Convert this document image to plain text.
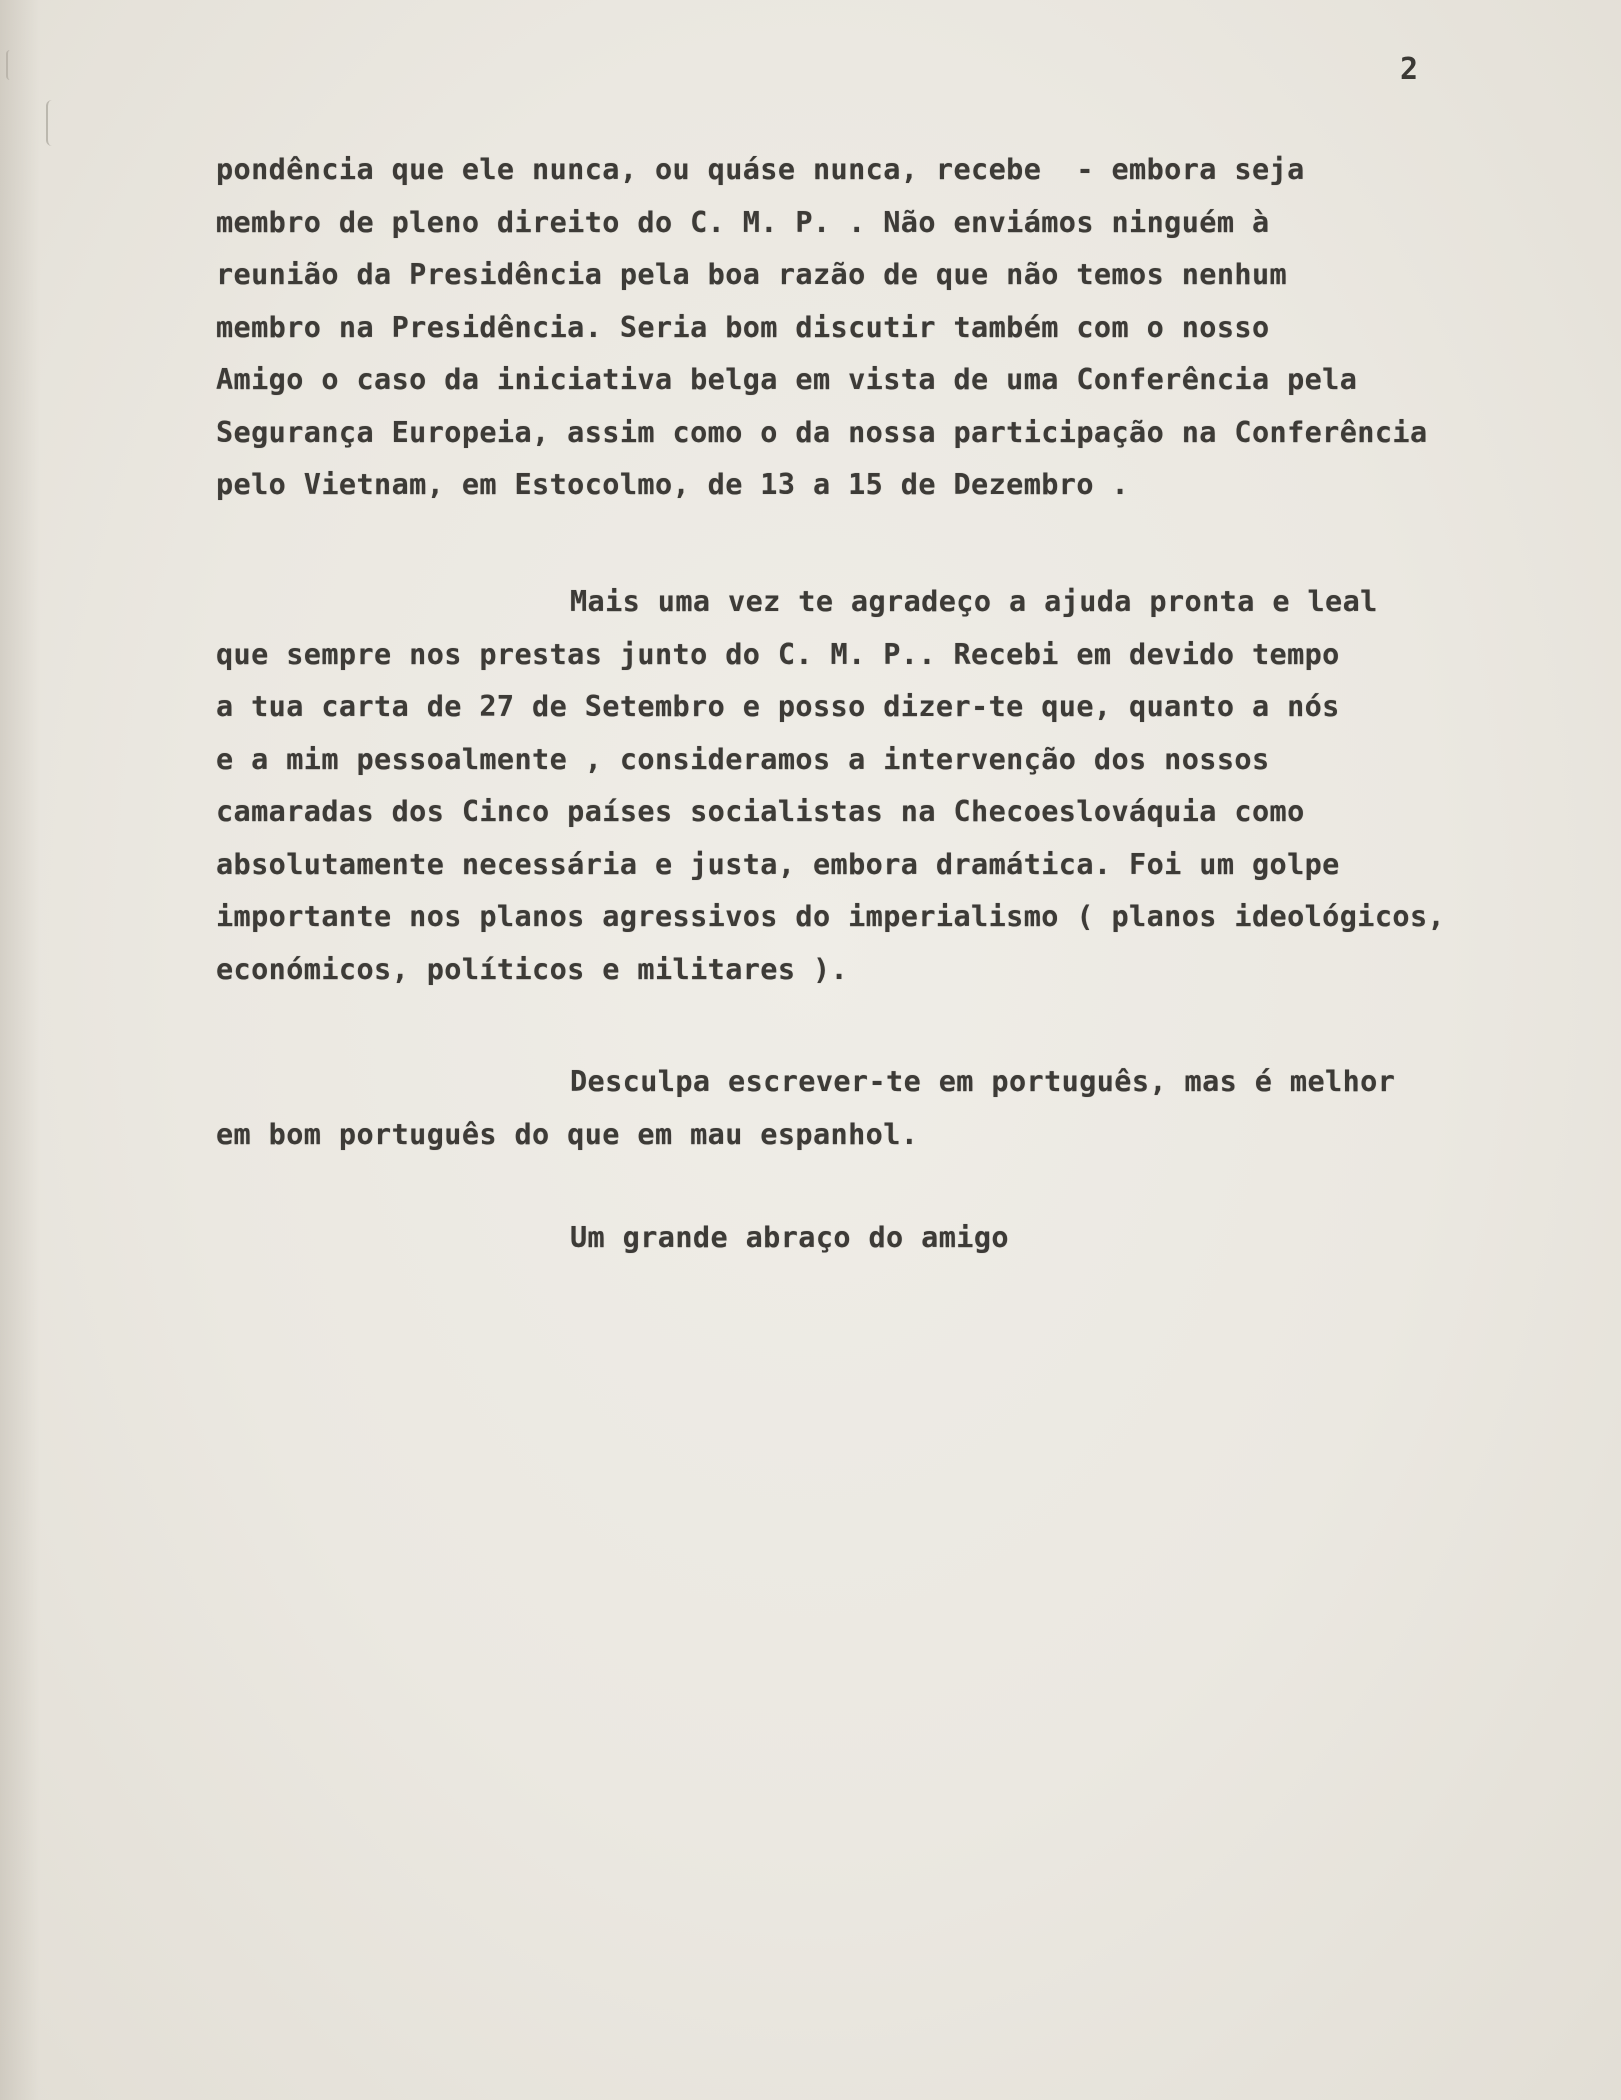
2
pondência que ele nunca, ou quáse nunca, recebe  - embora seja
membro de pleno direito do C. M. P. . Não enviámos ninguém à
reunião da Presidência pela boa razão de que não temos nenhum
membro na Presidência. Seria bom discutir também com o nosso
Amigo o caso da iniciativa belga em vista de uma Conferência pela
Segurança Europeia, assim como o da nossa participação na Conferência
pelo Vietnam, em Estocolmo, de 13 a 15 de Dezembro .
Mais uma vez te agradeço a ajuda pronta e leal
que sempre nos prestas junto do C. M. P.. Recebi em devido tempo
a tua carta de 27 de Setembro e posso dizer-te que, quanto a nós
e a mim pessoalmente , consideramos a intervenção dos nossos
camaradas dos Cinco países socialistas na Checoeslováquia como
absolutamente necessária e justa, embora dramática. Foi um golpe
importante nos planos agressivos do imperialismo ( planos ideológicos,
económicos, políticos e militares ).
Desculpa escrever-te em português, mas é melhor
em bom português do que em mau espanhol.
Um grande abraço do amigo
